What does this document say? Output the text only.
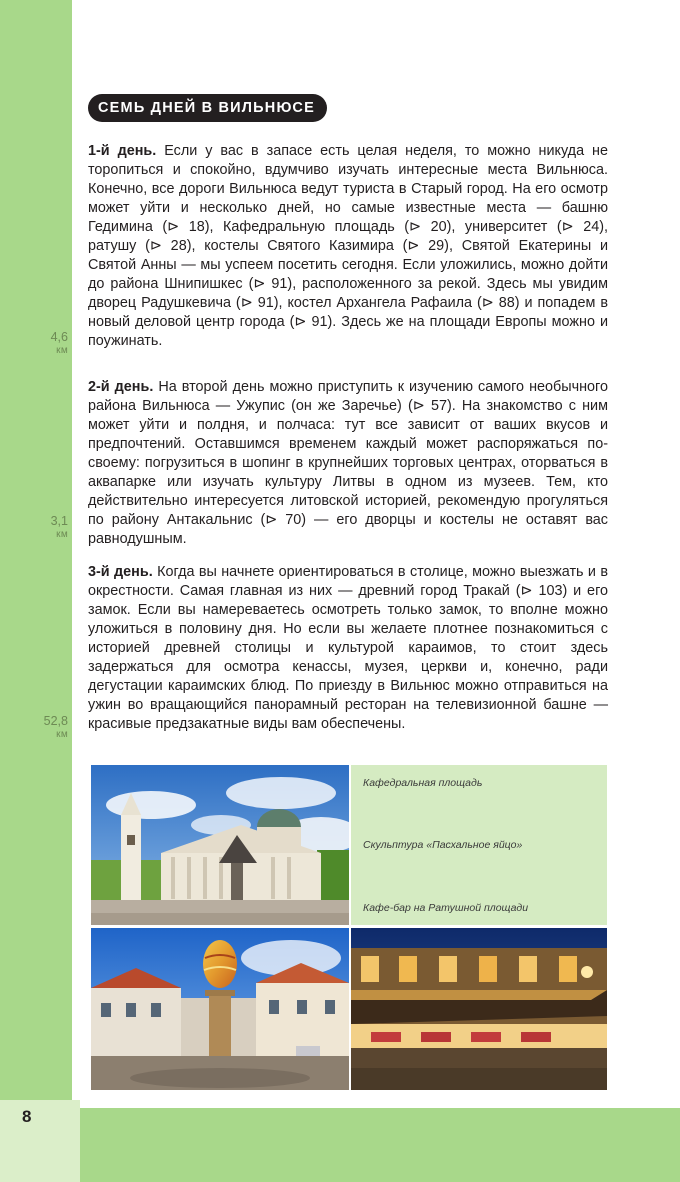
8
СЕМЬ ДНЕЙ В ВИЛЬНЮСЕ

1-й день. Если у вас в запасе есть целая неделя, то можно никуда не торопиться и спокойно, вдумчиво изучать интересные места Вильнюса. Конечно, все дороги Вильнюса ведут туриста в Старый город. На его осмотр может уйти и несколько дней, но самые известные места — башню Гедимина (⊳ 18), Кафедральную площадь (⊳ 20), университет (⊳ 24), ратушу (⊳ 28), костелы Святого Казимира (⊳ 29), Святой Екатерины и Святой Анны — мы успеем посетить сегодня. Если уложились, можно дойти до района Шнипишкес (⊳ 91), расположенного за рекой. Здесь мы увидим дворец Радушкевича (⊳ 91), костел Архангела Рафаила (⊳ 88) и попадем в новый деловой центр города (⊳ 91). Здесь же на площади Европы можно и поужинать.

4,6
км

2-й день. На второй день можно приступить к изучению самого необычного района Вильнюса — Ужупис (он же Заречье) (⊳ 57). На знакомство с ним может уйти и полдня, и полчаса: тут все зависит от ваших вкусов и предпочтений. Оставшимся временем каждый может распоряжаться по-своему: погрузиться в шопинг в крупнейших торговых центрах, оторваться в аквапарке или изучать культуру Литвы в одном из музеев. Тем, кто действительно интересуется литовской историей, рекомендую прогуляться по району Антакальнис (⊳ 70) — его дворцы и костелы не оставят вас равнодушным.

3,1
км

3-й день. Когда вы начнете ориентироваться в столице, можно выезжать и в окрестности. Самая главная из них — древний город Тракай (⊳ 103) и его замок. Если вы намереваетесь осмотреть только замок, то вполне можно уложиться в половину дня. Но если вы желаете плотнее познакомиться с историей древней столицы и культурой караимов, то стоит здесь задержаться для осмотра кенассы, музея, церкви и, конечно, ради дегустации караимских блюд. По приезду в Вильнюс можно отправиться на ужин во вращающийся панорамный ресторан на телевизионной башне — красивые предзакатные виды вам обеспечены.

52,8
км
Кафедральная площадь
Скульптура «Пасхальное яйцо»
Кафе-бар на Ратушной площади
